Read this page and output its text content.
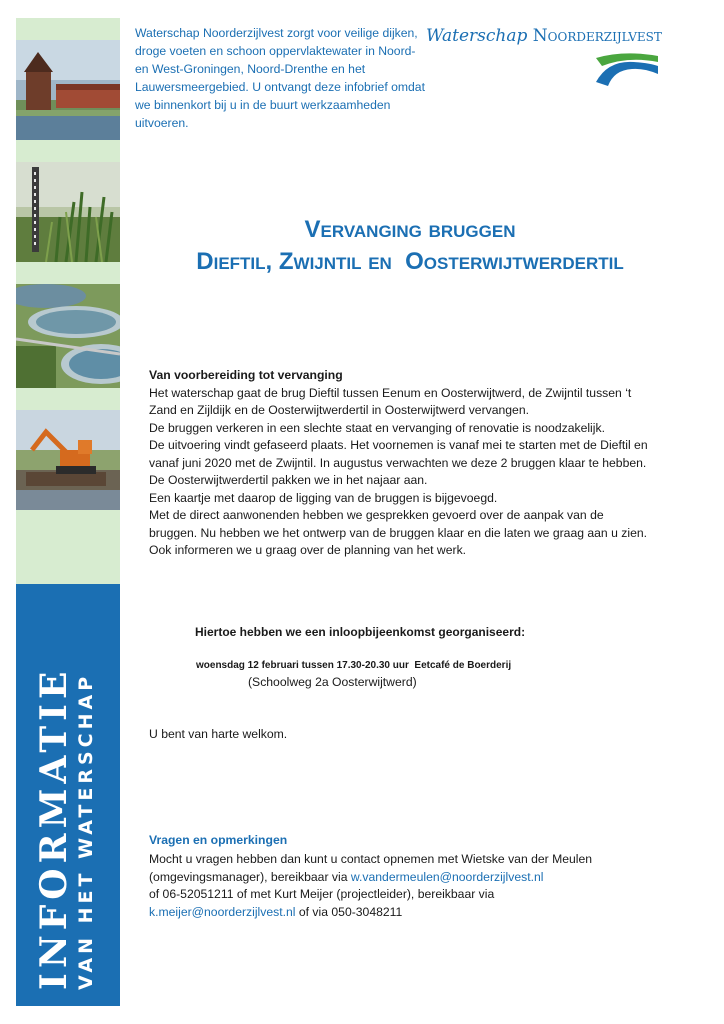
INFORMATIE VAN HET WATERSCHAP
Waterschap Noorderzijlvest zorgt voor veilige dijken, droge voeten en schoon oppervlaktewater in Noord- en West-Groningen, Noord-Drenthe en het Lauwersmeergebied. U ontvangt deze infobrief omdat we binnenkort bij u in de buurt werkzaamheden uitvoeren.
Waterschap Noorderzijlvest
Vervanging bruggen
Dieftil, Zwijntil en  Oosterwijtwerdertil

Van voorbereiding tot vervanging

Het waterschap gaat de brug Dieftil tussen Eenum en Oosterwijtwerd, de Zwijntil tussen ‘t Zand en Zijldijk en de Oosterwijtwerdertil in Oosterwijtwerd vervangen.

De bruggen verkeren in een slechte staat en vervanging of renovatie is noodzakelijk.

De uitvoering vindt gefaseerd plaats. Het voornemen is vanaf mei te starten met de Dieftil en vanaf juni 2020 met de Zwijntil. In augustus verwachten we deze 2 bruggen klaar te hebben.

De Oosterwijtwerdertil pakken we in het najaar aan.

Een kaartje met daarop de ligging van de bruggen is bijgevoegd.

Met de direct aanwonenden hebben we gesprekken gevoerd over de aanpak van de bruggen. Nu hebben we het ontwerp van de bruggen klaar en die laten we graag aan u zien. Ook informeren we u graag over de planning van het werk.

Hiertoe hebben we een inloopbijeenkomst georganiseerd:
woensdag 12 februari tussen 17.30-20.30 uur  Eetcafé de Boerderij
(Schoolweg 2a Oosterwijtwerd)
U bent van harte welkom.
Vragen en opmerkingen

Mocht u vragen hebben dan kunt u contact opnemen met Wietske van der Meulen

(omgevingsmanager), bereikbaar via w.vandermeulen@noorderzijlvest.nl

of 06-52051211 of met Kurt Meijer (projectleider), bereikbaar via

k.meijer@noorderzijlvest.nl of via 050-3048211
